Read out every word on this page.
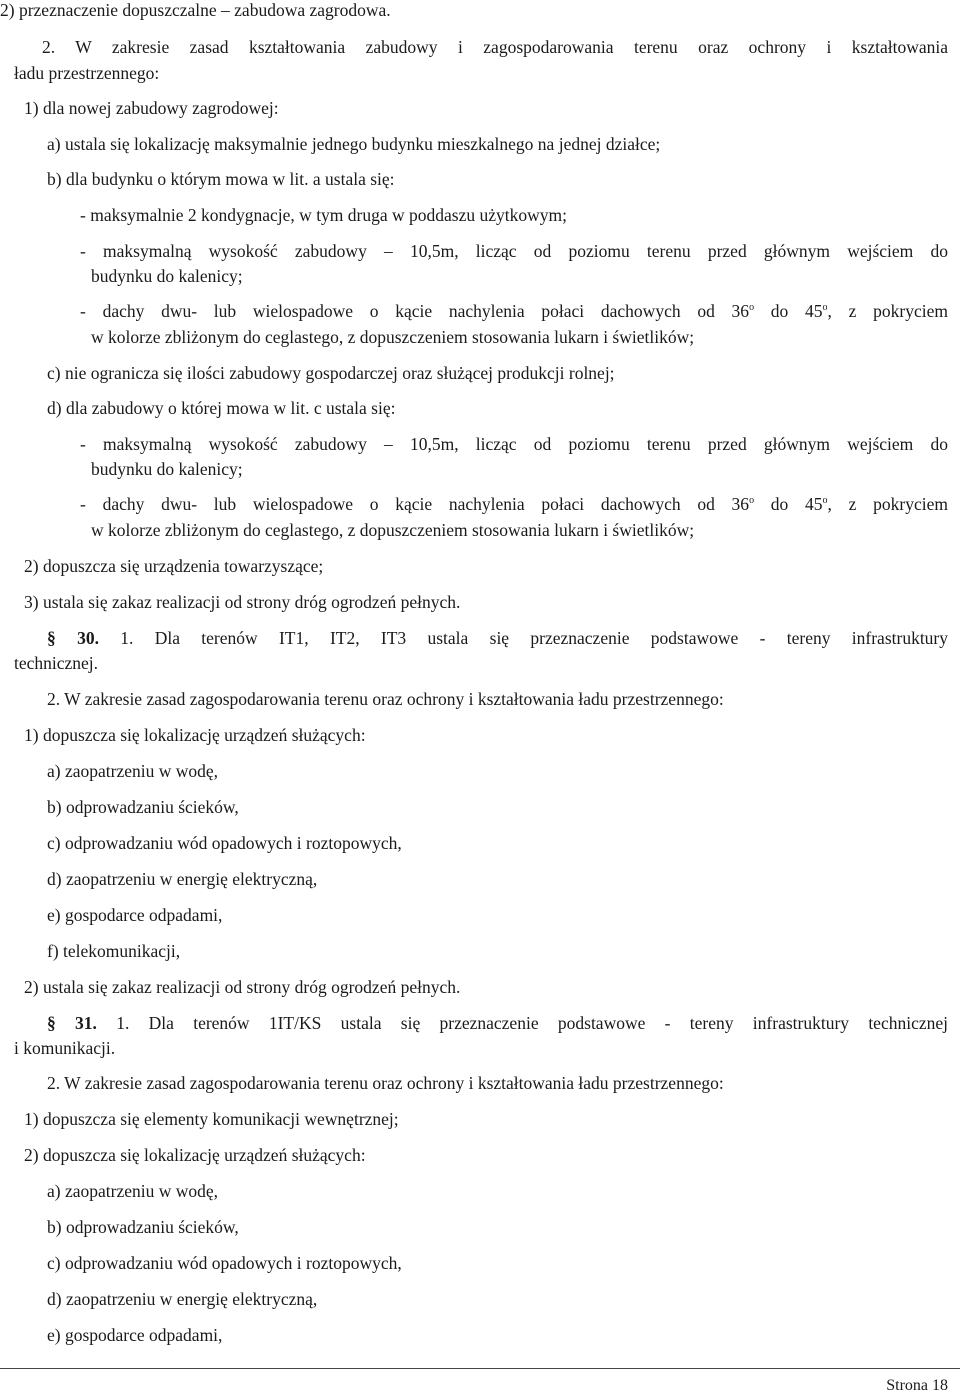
2) przeznaczenie dopuszczalne – zabudowa zagrodowa.
2. W zakresie zasad kształtowania zabudowy i zagospodarowania terenu oraz ochrony i kształtowania
ładu przestrzennego:
1) dla nowej zabudowy zagrodowej:
a) ustala się lokalizację maksymalnie jednego budynku mieszkalnego na jednej działce;
b) dla budynku o którym mowa w lit. a ustala się:
- maksymalnie 2 kondygnacje, w tym druga w poddaszu użytkowym;
- maksymalną wysokość zabudowy – 10,5m, licząc od poziomu terenu przed głównym wejściem do
budynku do kalenicy;
- dachy dwu- lub wielospadowe o kącie nachylenia połaci dachowych od 36$^o$ do 45$^o$, z pokryciem
w kolorze zbliżonym do ceglastego, z dopuszczeniem stosowania lukarn i świetlików;
c) nie ogranicza się ilości zabudowy gospodarczej oraz służącej produkcji rolnej;
d) dla zabudowy o której mowa w lit. c ustala się:
- maksymalną wysokość zabudowy – 10,5m, licząc od poziomu terenu przed głównym wejściem do
budynku do kalenicy;
- dachy dwu- lub wielospadowe o kącie nachylenia połaci dachowych od 36$^o$ do 45$^o$, z pokryciem
w kolorze zbliżonym do ceglastego, z dopuszczeniem stosowania lukarn i świetlików;
2) dopuszcza się urządzenia towarzyszące;
3) ustala się zakaz realizacji od strony dróg ogrodzeń pełnych.
§ 30. 1. Dla terenów IT1, IT2, IT3 ustala się przeznaczenie podstawowe - tereny infrastruktury
technicznej.
2. W zakresie zasad zagospodarowania terenu oraz ochrony i kształtowania ładu przestrzennego:
1) dopuszcza się lokalizację urządzeń służących:
a) zaopatrzeniu w wodę,
b) odprowadzaniu ścieków,
c) odprowadzaniu wód opadowych i roztopowych,
d) zaopatrzeniu w energię elektryczną,
e) gospodarce odpadami,
f) telekomunikacji,
2) ustala się zakaz realizacji od strony dróg ogrodzeń pełnych.
§ 31. 1. Dla terenów 1IT/KS ustala się przeznaczenie podstawowe - tereny infrastruktury technicznej
i komunikacji.
2. W zakresie zasad zagospodarowania terenu oraz ochrony i kształtowania ładu przestrzennego:
1) dopuszcza się elementy komunikacji wewnętrznej;
2) dopuszcza się lokalizację urządzeń służących:
a) zaopatrzeniu w wodę,
b) odprowadzaniu ścieków,
c) odprowadzaniu wód opadowych i roztopowych,
d) zaopatrzeniu w energię elektryczną,
e) gospodarce odpadami,
Strona 18
